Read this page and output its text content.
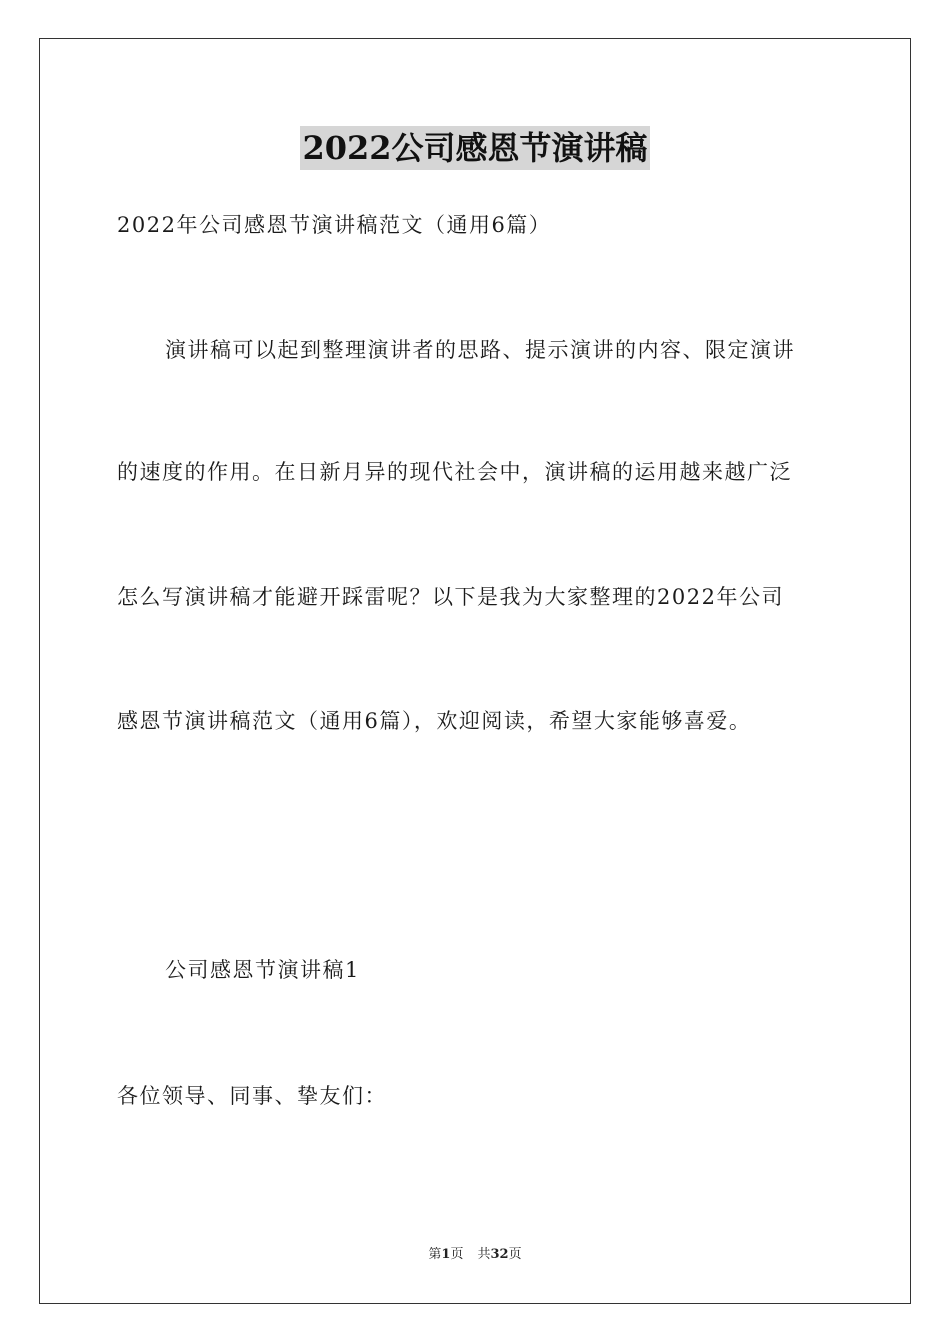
2022公司感恩节演讲稿
2022年公司感恩节演讲稿范文（通用6篇）
演讲稿可以起到整理演讲者的思路、提示演讲的内容、限定演讲
的速度的作用。在日新月异的现代社会中，演讲稿的运用越来越广泛
怎么写演讲稿才能避开踩雷呢？以下是我为大家整理的2022年公司
感恩节演讲稿范文（通用6篇），欢迎阅读，希望大家能够喜爱。
公司感恩节演讲稿1
各位领导、同事、挚友们：
第1页 共32页
